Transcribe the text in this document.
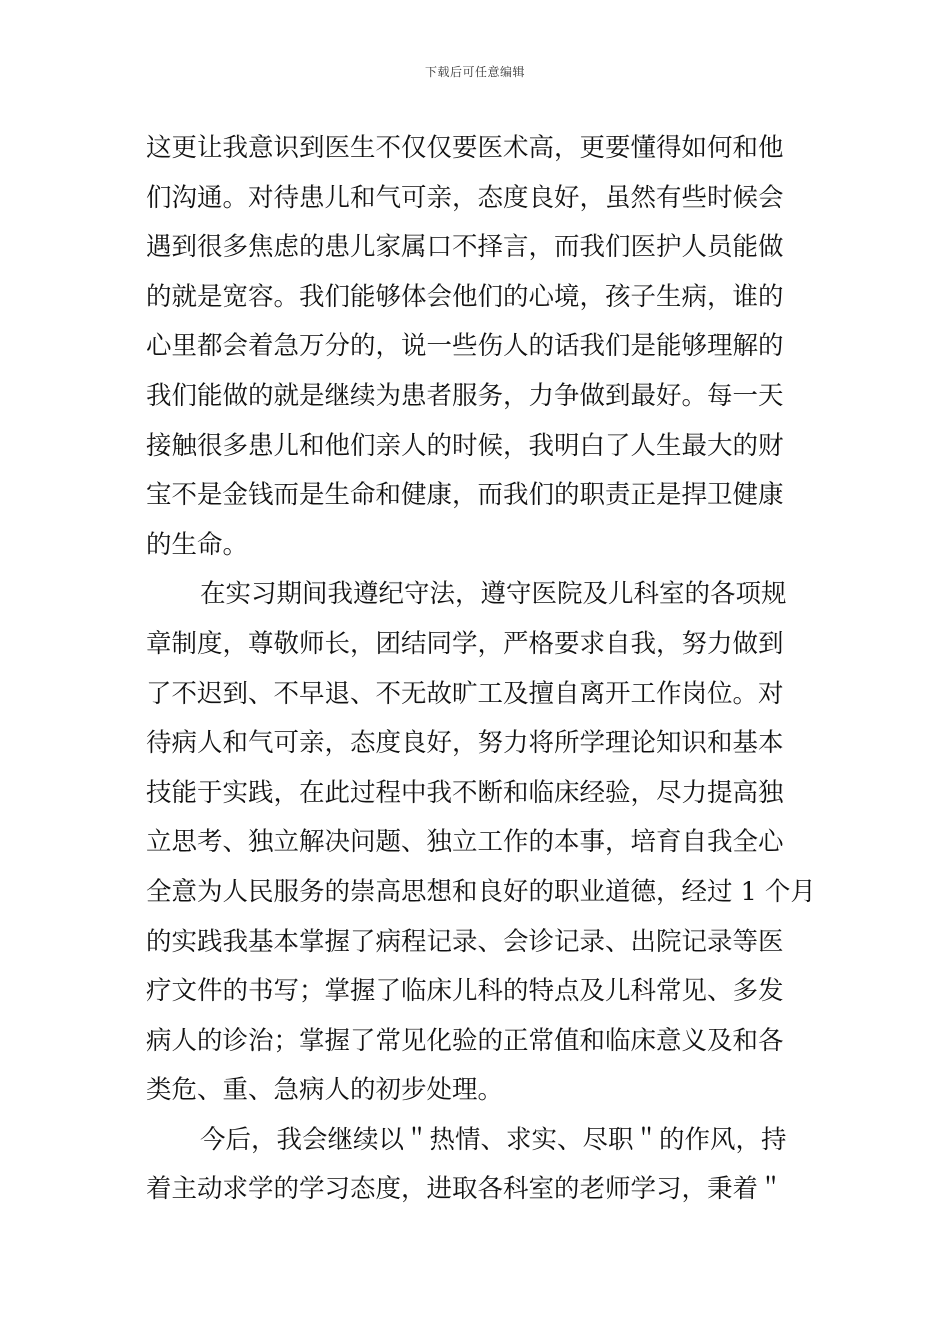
下载后可任意编辑
这更让我意识到医生不仅仅要医术高，更要懂得如何和他
们沟通。对待患儿和气可亲，态度良好，虽然有些时候会
遇到很多焦虑的患儿家属口不择言，而我们医护人员能做
的就是宽容。我们能够体会他们的心境，孩子生病，谁的
心里都会着急万分的，说一些伤人的话我们是能够理解的
我们能做的就是继续为患者服务，力争做到最好。每一天
接触很多患儿和他们亲人的时候，我明白了人生最大的财
宝不是金钱而是生命和健康，而我们的职责正是捍卫健康
的生命。
在实习期间我遵纪守法，遵守医院及儿科室的各项规
章制度，尊敬师长，团结同学，严格要求自我，努力做到
了不迟到、不早退、不无故旷工及擅自离开工作岗位。对
待病人和气可亲，态度良好，努力将所学理论知识和基本
技能于实践，在此过程中我不断和临床经验，尽力提高独
立思考、独立解决问题、独立工作的本事，培育自我全心
全意为人民服务的崇高思想和良好的职业道德，经过 1 个月
的实践我基本掌握了病程记录、会诊记录、出院记录等医
疗文件的书写；掌握了临床儿科的特点及儿科常见、多发
病人的诊治；掌握了常见化验的正常值和临床意义及和各
类危、重、急病人的初步处理。
今后，我会继续以＂热情、求实、尽职＂的作风，持
着主动求学的学习态度，进取各科室的老师学习，秉着＂
